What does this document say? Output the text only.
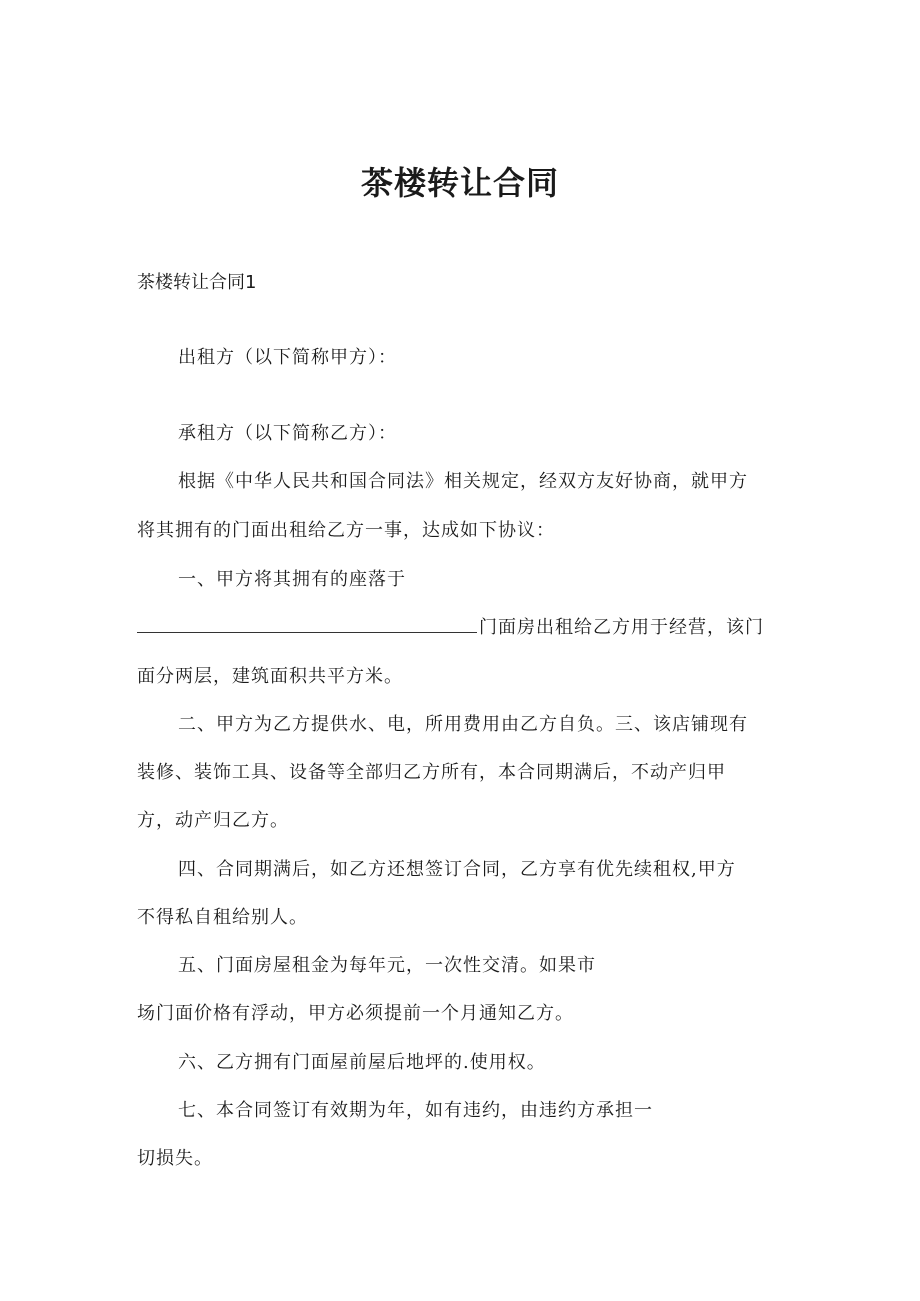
茶楼转让合同

茶楼转让合同1

出租方（以下简称甲方）：

承租方（以下简称乙方）：

根据《中华人民共和国合同法》相关规定，经双方友好协商，就甲方

将其拥有的门面出租给乙方一事，达成如下协议：

一、甲方将其拥有的座落于

门面房出租给乙方用于经营，该门

面分两层，建筑面积共平方米。

二、甲方为乙方提供水、电，所用费用由乙方自负。三、该店铺现有

装修、装饰工具、设备等全部归乙方所有，本合同期满后，不动产归甲

方，动产归乙方。

四、合同期满后，如乙方还想签订合同，乙方享有优先续租权,甲方

不得私自租给别人。

五、门面房屋租金为每年元，一次性交清。如果市

场门面价格有浮动，甲方必须提前一个月通知乙方。

六、乙方拥有门面屋前屋后地坪的.使用权。

七、本合同签订有效期为年，如有违约，由违约方承担一

切损失。
